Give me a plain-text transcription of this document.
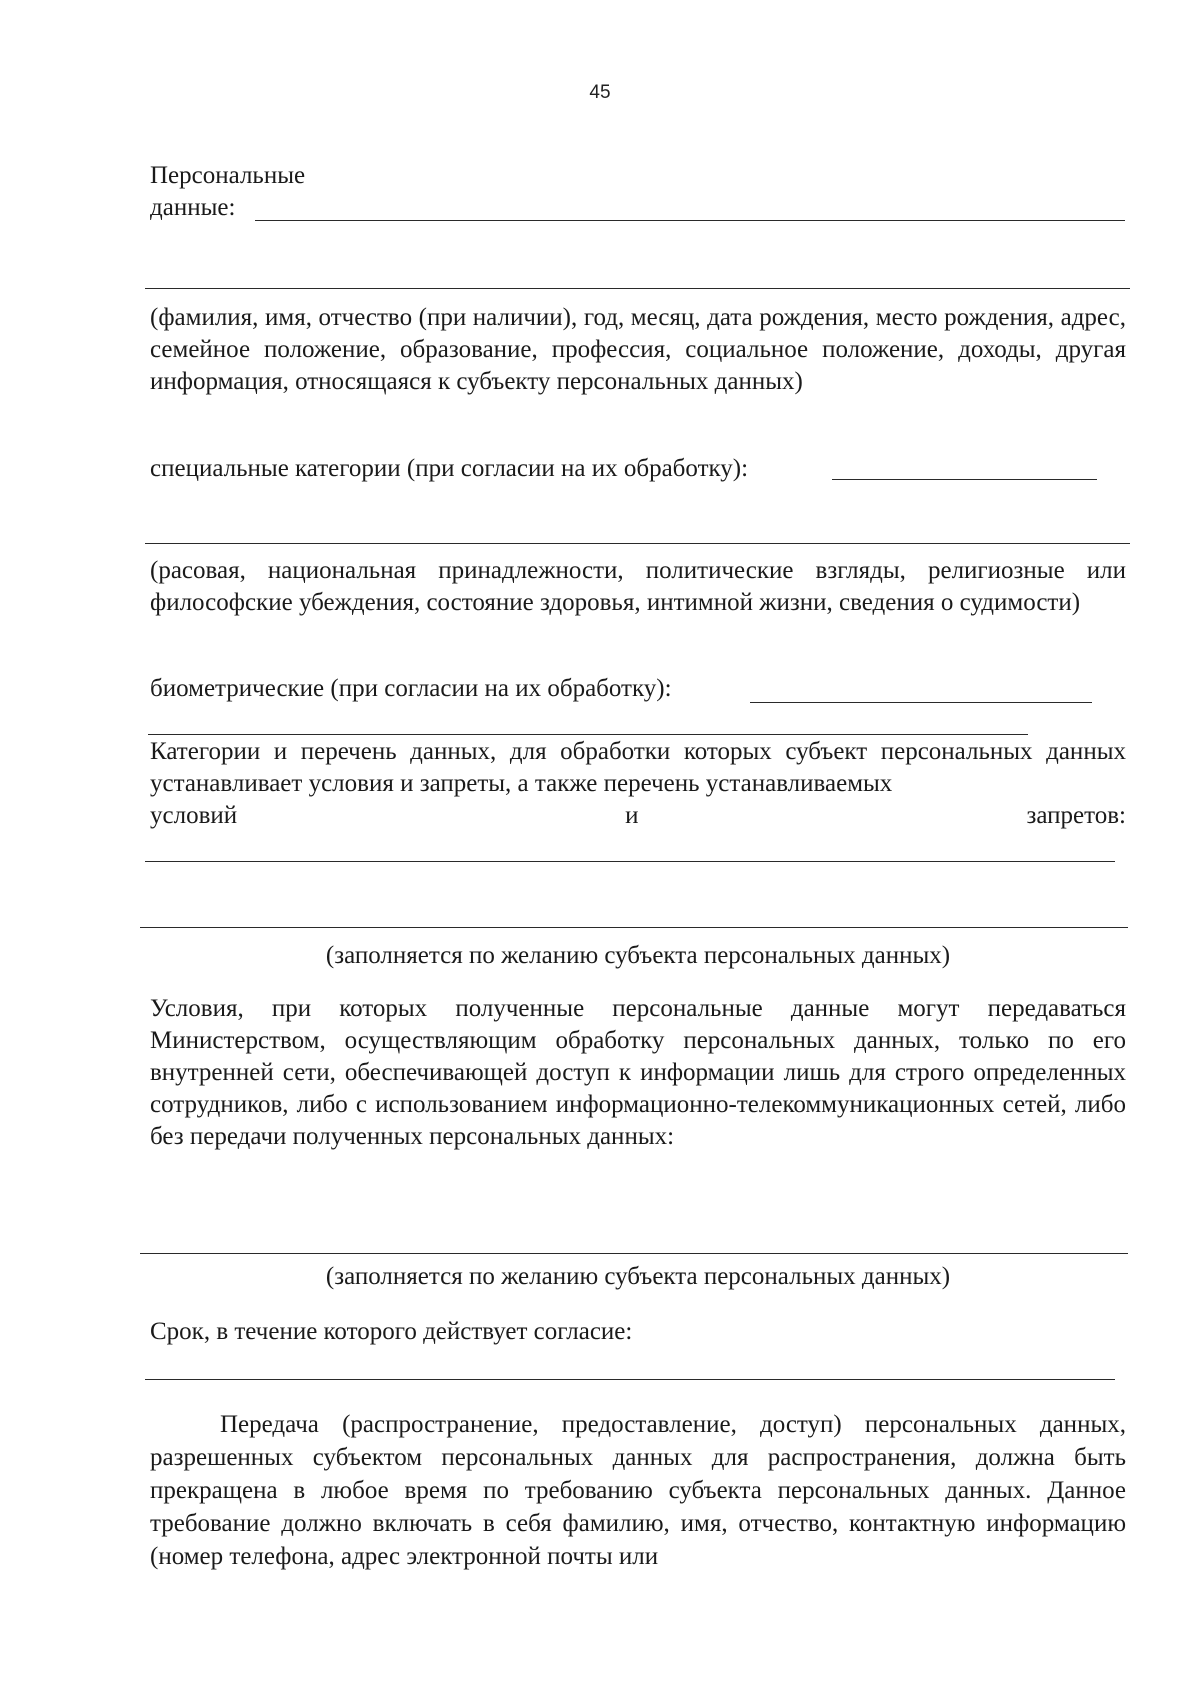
45
Персональные
данные:
(фамилия, имя, отчество (при наличии), год, месяц, дата рождения, место рождения, адрес, семейное положение, образование, профессия, социальное положение, доходы, другая информация, относящаяся к субъекту персональных данных)
специальные категории (при согласии на их обработку):
(расовая, национальная принадлежности, политические взгляды, религиозные или философские убеждения, состояние здоровья, интимной жизни, сведения о судимости)
биометрические (при согласии на их обработку):
Категории и перечень данных, для обработки которых субъект персональных данных устанавливает условия и запреты, а также перечень устанавливаемых
условий	и	запретов:
(заполняется по желанию субъекта персональных данных)
Условия, при которых полученные персональные данные могут передаваться Министерством, осуществляющим обработку персональных данных, только по его внутренней сети, обеспечивающей доступ к информации лишь для строго определенных сотрудников, либо с использованием информационно-телекоммуникационных сетей, либо без передачи полученных персональных данных:
(заполняется по желанию субъекта персональных данных)
Срок, в течение которого действует согласие:
Передача (распространение, предоставление, доступ) персональных данных, разрешенных субъектом персональных данных для распространения, должна быть прекращена в любое время по требованию субъекта персональных данных. Данное требование должно включать в себя фамилию, имя, отчество, контактную информацию (номер телефона, адрес электронной почты или
